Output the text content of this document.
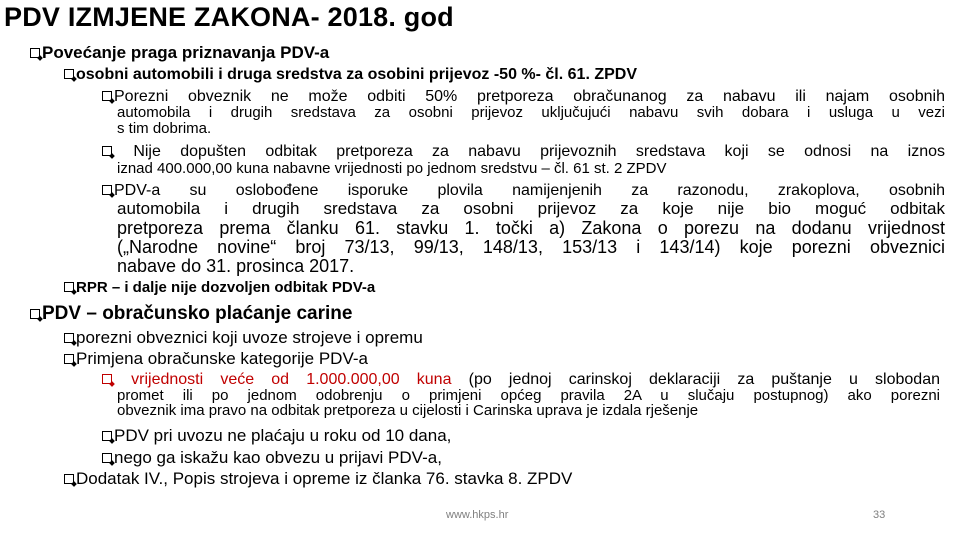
PDV IZMJENE ZAKONA- 2018. god
Povećanje praga priznavanja PDV-a
osobni automobili i druga sredstva za osobini prijevoz -50 %- čl. 61. ZPDV
Porezni obveznik ne može odbiti 50% pretporeza obračunanog za nabavu ili najam osobnih
automobila i drugih sredstava za osobni prijevoz uključujući nabavu svih dobara i usluga u vezi
s tim dobrima.
Nije dopušten odbitak pretporeza za nabavu prijevoznih sredstava koji se odnosi na iznos
iznad 400.000,00 kuna nabavne vrijednosti po jednom sredstvu – čl. 61 st. 2 ZPDV
PDV-a su oslobođene isporuke plovila namijenjenih za razonodu, zrakoplova, osobnih
automobila i drugih sredstava za osobni prijevoz za koje nije bio moguć odbitak
pretporeza prema članku 61. stavku 1. točki a) Zakona o porezu na dodanu vrijednost
(„Narodne novine“ broj 73/13, 99/13, 148/13, 153/13 i 143/14) koje porezni obveznici
nabave do 31. prosinca 2017.
RPR – i dalje nije dozvoljen odbitak PDV-a
PDV – obračunsko plaćanje carine
porezni obveznici koji uvoze strojeve i opremu
Primjena obračunske kategorije PDV-a
vrijednosti veće od 1.000.000,00 kuna (po jednoj carinskoj deklaraciji za puštanje u slobodan
promet ili po jednom odobrenju o primjeni općeg pravila 2A u slučaju postupnog) ako porezni
obveznik ima pravo na odbitak pretporeza u cijelosti i Carinska uprava je izdala rješenje
PDV pri uvozu ne plaćaju u roku od 10 dana,
nego ga iskažu kao obvezu u prijavi PDV-a,
Dodatak IV., Popis strojeva i opreme iz članka 76. stavka 8. ZPDV
www.hkps.hr	33
